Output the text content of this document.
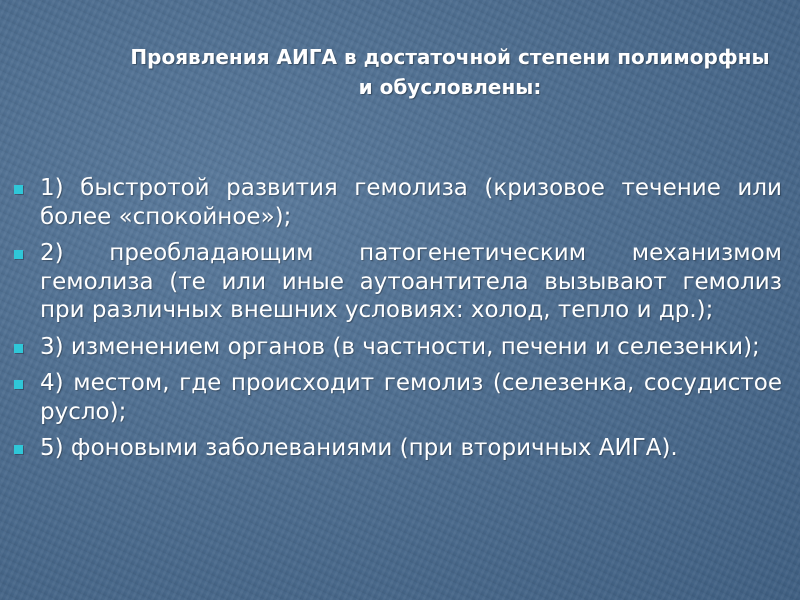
Проявления АИГА в достаточной степени полиморфны и обусловлены:
1) быстротой развития гемолиза (кризовое течение или более «спокойное»);
2) преобладающим патогенетическим механизмом гемолиза (те или иные аутоантитела вызывают гемолиз при различных внешних условиях: холод, тепло и др.);
3) изменением органов (в частности, печени и селезенки);
4) местом, где происходит гемолиз (селезенка, сосудистое русло);
5) фоновыми заболеваниями (при вторичных АИГА).
